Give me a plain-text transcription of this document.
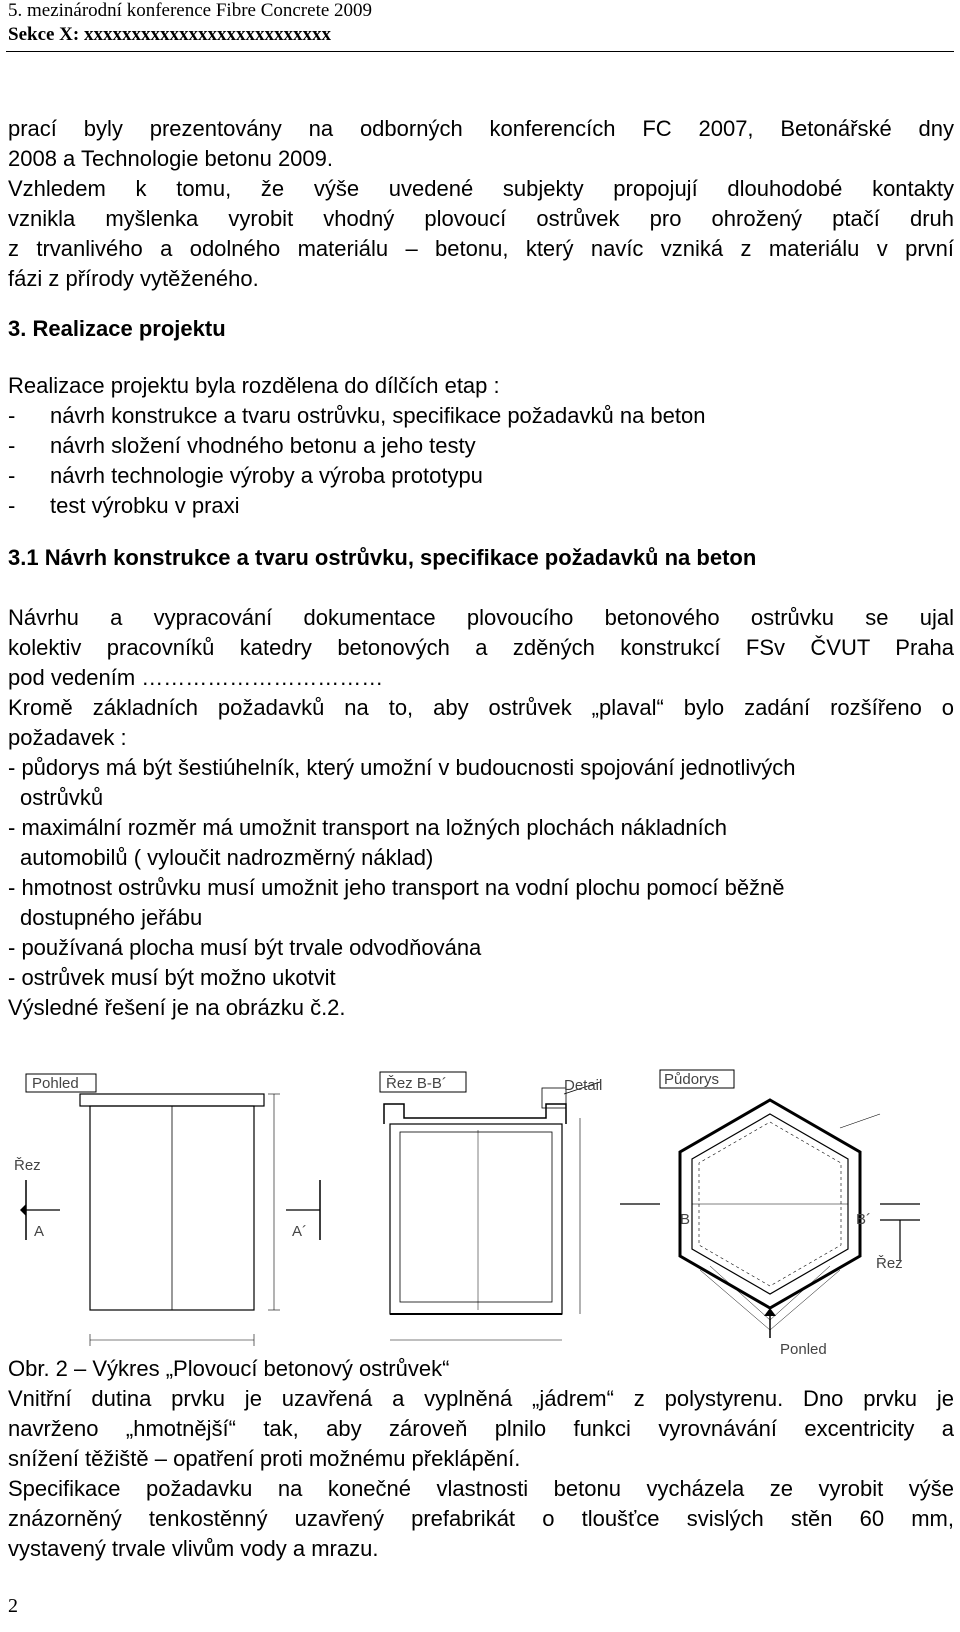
5. mezinárodní konference Fibre Concrete 2009
Sekce X: xxxxxxxxxxxxxxxxxxxxxxxxxx
prací byly prezentovány na odborných konferencích FC 2007, Betonářské dny
2008 a Technologie betonu 2009.
Vzhledem k tomu, že výše uvedené subjekty propojují dlouhodobé kontakty
vznikla myšlenka vyrobit vhodný plovoucí ostrůvek pro ohrožený ptačí druh
z trvanlivého a odolného materiálu – betonu, který navíc vzniká z materiálu v první
fázi z přírody vytěženého.
3. Realizace projektu
Realizace projektu byla rozdělena do dílčích etap :
-	návrh konstrukce a tvaru ostrůvku, specifikace požadavků na beton
-	návrh složení vhodného betonu a jeho testy
-	návrh technologie výroby a výroba prototypu
-	test výrobku v praxi
3.1 Návrh konstrukce a tvaru ostrůvku, specifikace požadavků na beton
Návrhu a vypracování dokumentace plovoucího betonového ostrůvku se ujal
kolektiv pracovníků katedry betonových a zděných konstrukcí FSv ČVUT Praha
pod vedením ……………………………
Kromě základních požadavků na to, aby ostrůvek „plaval“ bylo zadání rozšířeno o
požadavek :
- půdorys má být šestiúhelník, který umožní v budoucnosti spojování jednotlivých
ostrůvků
- maximální rozměr má umožnit transport na ložných plochách nákladních
automobilů ( vyloučit nadrozměrný náklad)
- hmotnost ostrůvku musí umožnit jeho transport na vodní plochu pomocí běžně
dostupného jeřábu
- používaná plocha musí být trvale odvodňována
- ostrůvek musí být možno ukotvit
Výsledné řešení je na obrázku č.2.
Pohled
Řez
A	A´
Řez B-B´	Detail	Půdorys
B	B´
Řez
Ponled
Obr. 2 – Výkres „Plovoucí betonový ostrůvek“
Vnitřní dutina prvku je uzavřená a vyplněná „jádrem“ z polystyrenu. Dno prvku je
navrženo „hmotnější“ tak, aby zároveň plnilo funkci vyrovnávání excentricity a
snížení těžiště – opatření proti možnému překlápění.
Specifikace požadavku na konečné vlastnosti betonu vycházela ze vyrobit výše
znázorněný tenkostěnný uzavřený prefabrikát o tloušťce svislých stěn 60 mm,
vystavený trvale vlivům vody a mrazu.
2
